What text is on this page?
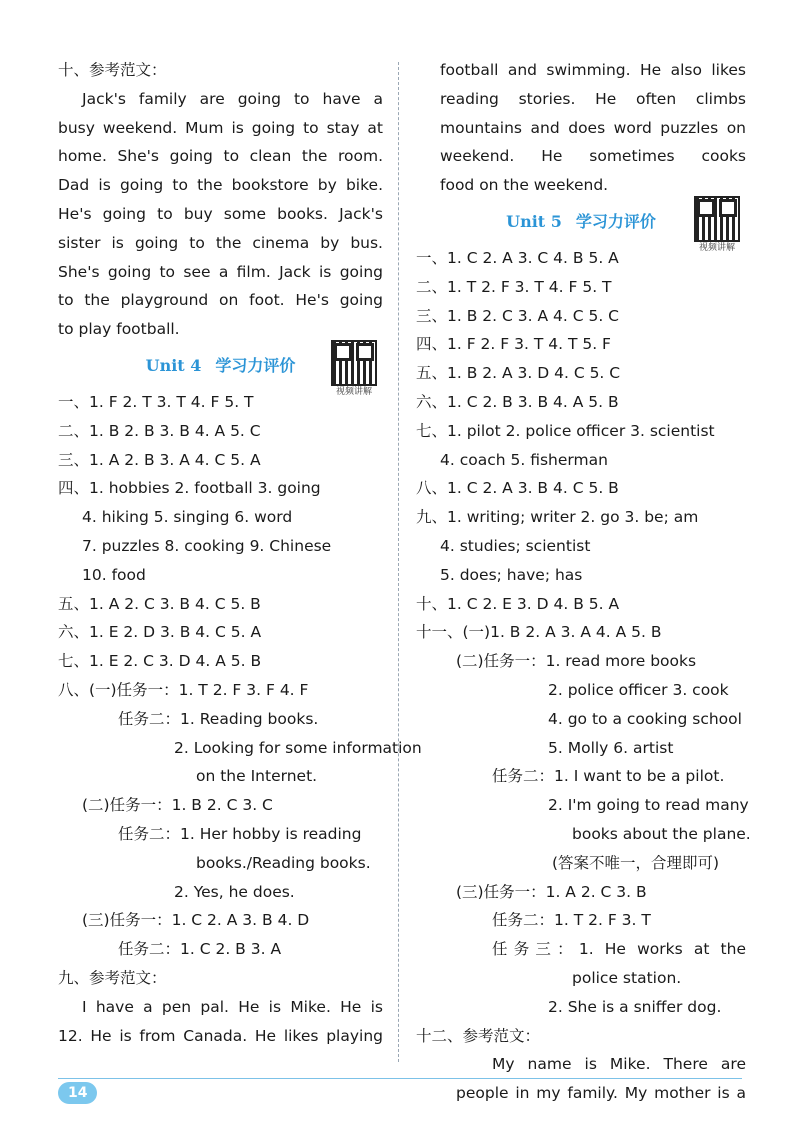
十、参考范文：
Jack's family are going to have a
busy weekend. Mum is going to stay at
home. She's going to clean the room.
Dad is going to the bookstore by bike.
He's going to buy some books. Jack's
sister is going to the cinema by bus.
She's going to see a film. Jack is going
to the playground on foot. He's going
to play football.
Unit 4 学习力评价
视频讲解
一、1. F 2. T 3. T 4. F 5. T
二、1. B 2. B 3. B 4. A 5. C
三、1. A 2. B 3. A 4. C 5. A
四、1. hobbies 2. football 3. going
4. hiking 5. singing 6. word
7. puzzles 8. cooking 9. Chinese
10. food
五、1. A 2. C 3. B 4. C 5. B
六、1. E 2. D 3. B 4. C 5. A
七、1. E 2. C 3. D 4. A 5. B
八、(一)任务一：1. T 2. F 3. F 4. F
任务二：1. Reading books.
2. Looking for some information
on the Internet.
(二)任务一：1. B 2. C 3. C
任务二：1. Her hobby is reading
books./Reading books.
2. Yes, he does.
(三)任务一：1. C 2. A 3. B 4. D
任务二：1. C 2. B 3. A
九、参考范文：
I have a pen pal. He is Mike. He is
12. He is from Canada. He likes playing
football and swimming. He also likes
reading stories. He often climbs
mountains and does word puzzles on
weekend. He sometimes cooks
food on the weekend.
Unit 5 学习力评价
视频讲解
一、1. C 2. A 3. C 4. B 5. A
二、1. T 2. F 3. T 4. F 5. T
三、1. B 2. C 3. A 4. C 5. C
四、1. F 2. F 3. T 4. T 5. F
五、1. B 2. A 3. D 4. C 5. C
六、1. C 2. B 3. B 4. A 5. B
七、1. pilot 2. police officer 3. scientist
4. coach 5. fisherman
八、1. C 2. A 3. B 4. C 5. B
九、1. writing; writer 2. go 3. be; am
4. studies; scientist
5. does; have; has
十、1. C 2. E 3. D 4. B 5. A
十一、(一)1. B 2. A 3. A 4. A 5. B
(二)任务一：1. read more books
2. police officer 3. cook
4. go to a cooking school
5. Molly 6. artist
任务二：1. I want to be a pilot.
2. I'm going to read many
books about the plane.
(答案不唯一，合理即可)
(三)任务一：1. A 2. C 3. B
任务二：1. T 2. F 3. T
任务三：1. He works at the
police station.
2. She is a sniffer dog.
十二、参考范文：
My name is Mike. There are
people in my family. My mother is a
14
